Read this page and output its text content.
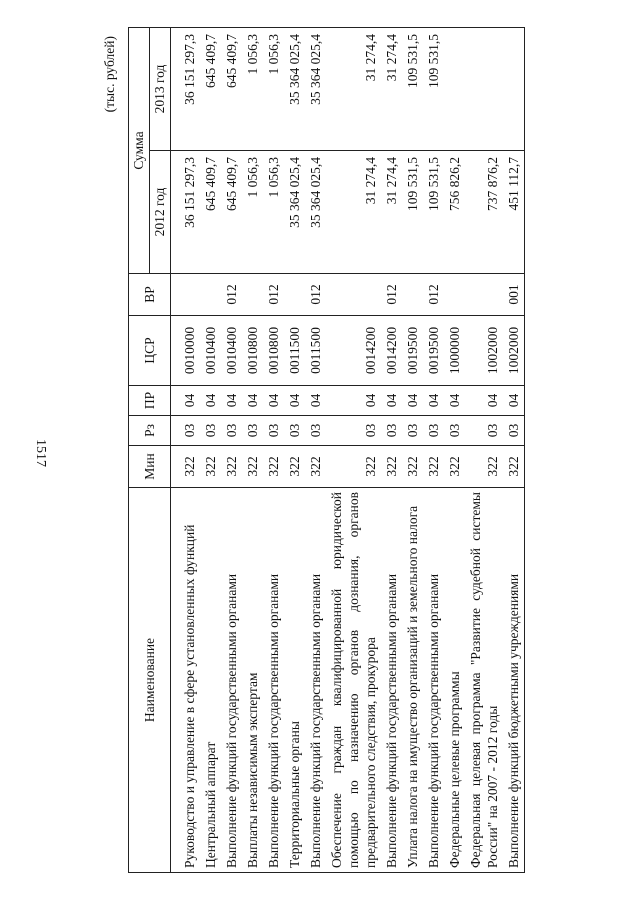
1517
(тыс. рублей)
Наименование	Мин	Рз	ПР	ЦСР	ВР	Сумма	
						2012 год	2013 год

Руководство и управление в сфере установленных функций	322	03	04	0010000		36 151 297,3	36 151 297,3
Центральный аппарат	322	03	04	0010400		645 409,7	645 409,7
Выполнение функций государственными органами	322	03	04	0010400	012	645 409,7	645 409,7
Выплаты независимым экспертам	322	03	04	0010800		1 056,3	1 056,3
Выполнение функций государственными органами	322	03	04	0010800	012	1 056,3	1 056,3
Территориальные органы	322	03	04	0011500		35 364 025,4	35 364 025,4
Выполнение функций государственными органами	322	03	04	0011500	012	35 364 025,4	35 364 025,4
Обеспечение граждан квалифицированной юридической помощью по назначению органов дознания, органов предварительного следствия, прокурора	322	03	04	0014200		31 274,4	31 274,4
Выполнение функций государственными органами	322	03	04	0014200	012	31 274,4	31 274,4
Уплата налога на имущество организаций и земельного налога	322	03	04	0019500		109 531,5	109 531,5
Выполнение функций государственными органами	322	03	04	0019500	012	109 531,5	109 531,5
Федеральные целевые программы	322	03	04	1000000		756 826,2	
Федеральная целевая программа "Развитие судебной системы России" на 2007 - 2012 годы	322	03	04	1002000		737 876,2	
Выполнение функций бюджетными учреждениями	322	03	04	1002000	001	451 112,7	
